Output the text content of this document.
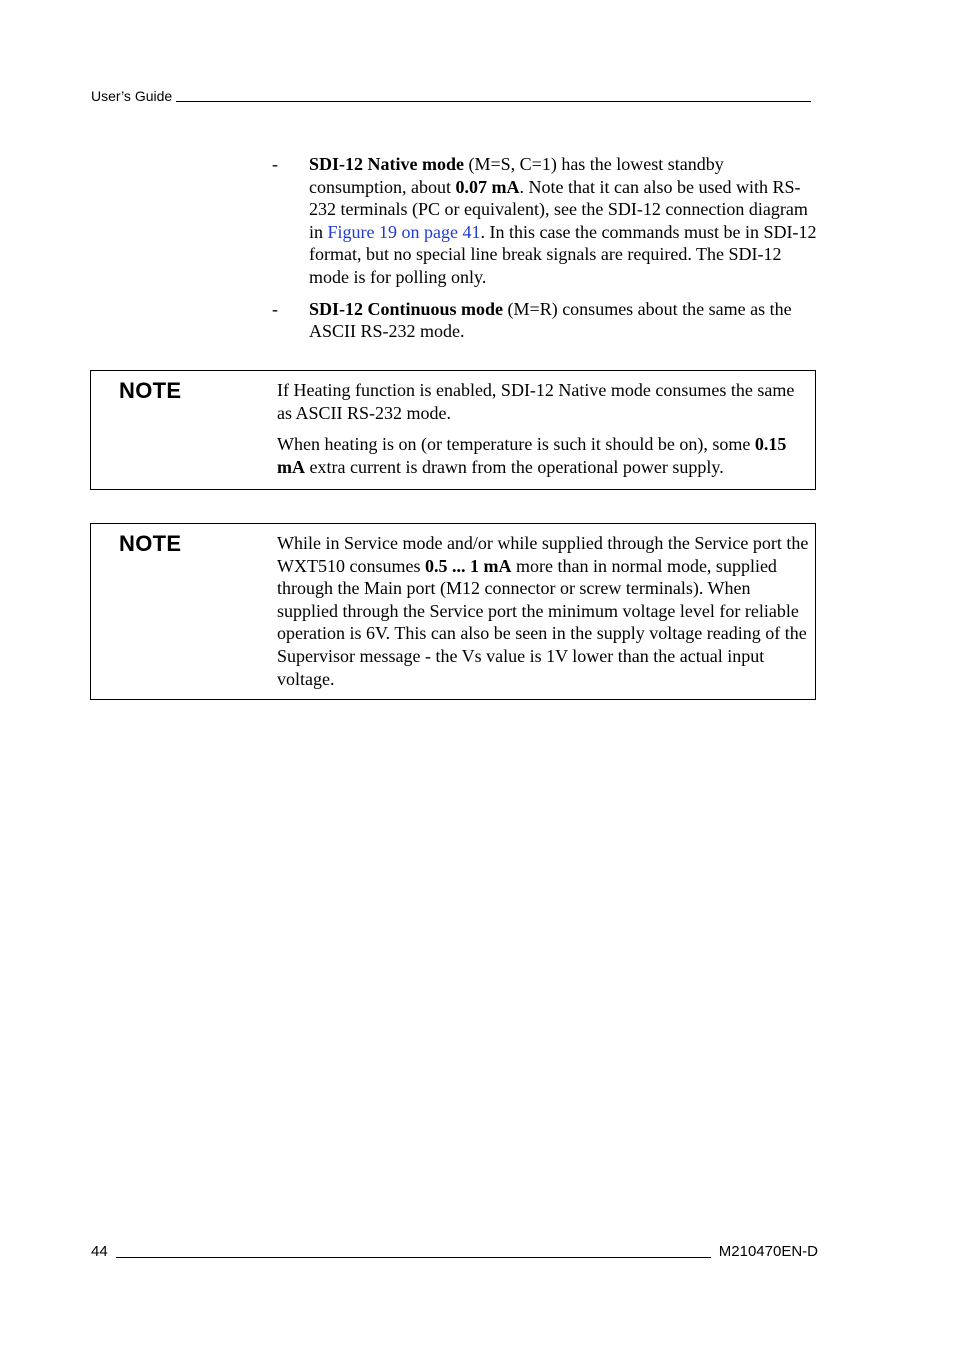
User’s Guide
-	SDI-12 Native mode (M=S, C=1) has the lowest standby consumption, about 0.07 mA. Note that it can also be used with RS-232 terminals (PC or equivalent), see the SDI-12 connection diagram in Figure 19 on page 41. In this case the commands must be in SDI-12 format, but no special line break signals are required. The SDI-12 mode is for polling only.
-	SDI-12 Continuous mode (M=R) consumes about the same as the ASCII RS-232 mode.
NOTE	If Heating function is enabled, SDI-12 Native mode consumes the same as ASCII RS-232 mode.

When heating is on (or temperature is such it should be on), some 0.15 mA extra current is drawn from the operational power supply.

NOTE	While in Service mode and/or while supplied through the Service port the WXT510 consumes 0.5 ... 1 mA more than in normal mode, supplied through the Main port (M12 connector or screw terminals). When supplied through the Service port the minimum voltage level for reliable operation is 6V. This can also be seen in the supply voltage reading of the Supervisor message - the Vs value is 1V lower than the actual input voltage.

44	M210470EN-D
